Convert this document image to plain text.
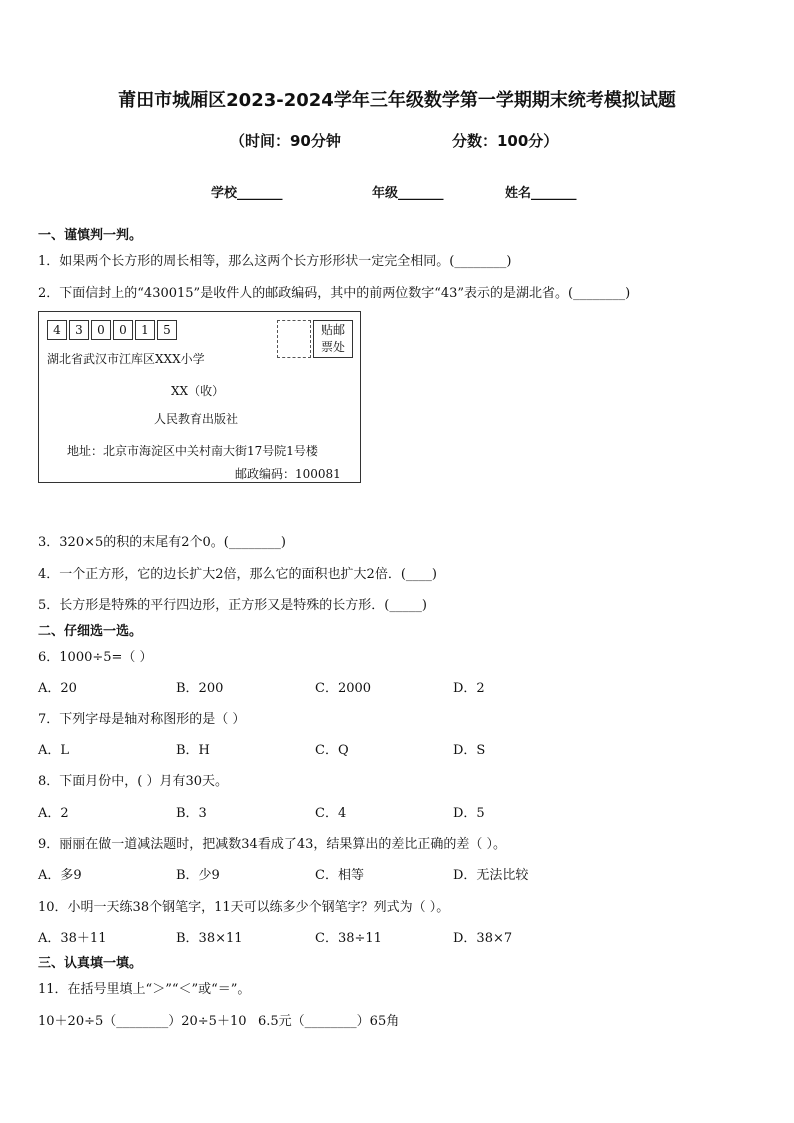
莆田市城厢区2023-2024学年三年级数学第一学期期末统考模拟试题
（时间：90分钟	分数：100分）
学校_______	年级_______	姓名_______
一、谨慎判一判。
1．如果两个长方形的周长相等，那么这两个长方形形状一定完全相同。(________)
2．下面信封上的“430015”是收件人的邮政编码，其中的前两位数字“43”表示的是湖北省。(________)
4	3	0	0	1	5	贴邮
票处
湖北省武汉市江库区XXX小学
XX（收）
人民教育出版社
地址：北京市海淀区中关村南大街17号院1号楼
邮政编码：100081
3．320×5的积的末尾有2个0。(________)
4．一个正方形，它的边长扩大2倍，那么它的面积也扩大2倍．(____)
5．长方形是特殊的平行四边形，正方形又是特殊的长方形．(_____)
二、仔细选一选。
6．1000÷5=（ ）
A．20	B．200	C．2000	D．2
7．下列字母是轴对称图形的是（ ）
A．L	B．H	C．Q	D．S
8．下面月份中，( ）月有30天。
A．2	B．3	C．4	D．5
9．丽丽在做一道减法题时，把减数34看成了43，结果算出的差比正确的差（ ）。
A．多9	B．少9	C．相等	D．无法比较
10．小明一天练38个钢笔字，11天可以练多少个钢笔字？列式为（ ）。
A．38＋11	B．38×11	C．38÷11	D．38×7
三、认真填一填。
11．在括号里填上“＞”“＜”或“＝”。
10＋20÷5（________）20÷5＋10 6.5元（________）65角
